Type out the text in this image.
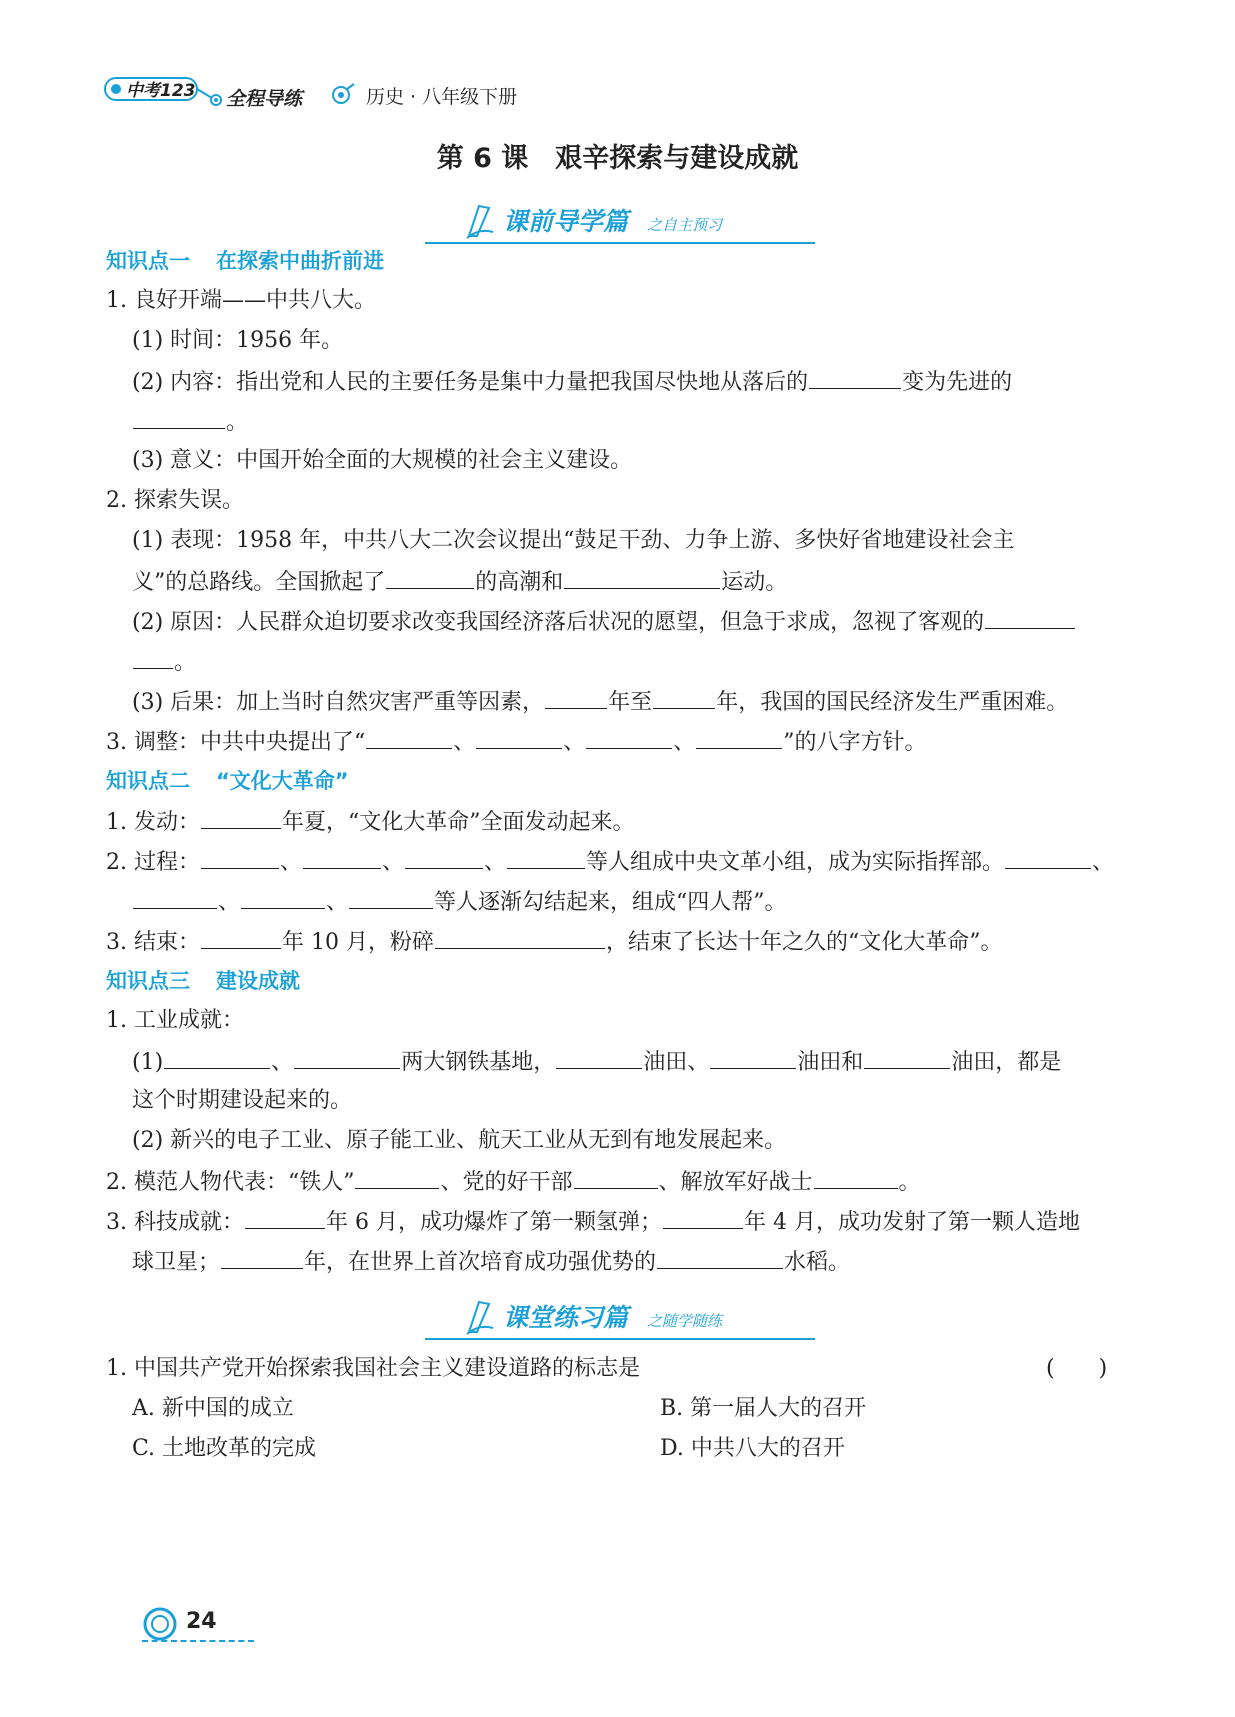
中考123 全程导练	历史 · 八年级下册
第 6 课　艰辛探索与建设成就
课前导学篇 之自主预习
知识点一 在探索中曲折前进
1. 良好开端——中共八大。
(1) 时间：1956 年。
(2) 内容：指出党和人民的主要任务是集中力量把我国尽快地从落后的	变为先进的
。
(3) 意义：中国开始全面的大规模的社会主义建设。
2. 探索失误。
(1) 表现：1958 年，中共八大二次会议提出“鼓足干劲、力争上游、多快好省地建设社会主
义”的总路线。全国掀起了	的高潮和	运动。
(2) 原因：人民群众迫切要求改变我国经济落后状况的愿望，但急于求成，忽视了客观的
。
(3) 后果：加上当时自然灾害严重等因素，	年至	年，我国的国民经济发生严重困难。
3. 调整：中共中央提出了“	、	、	、	”的八字方针。
知识点二 “文化大革命”
1. 发动：	年夏，“文化大革命”全面发动起来。
2. 过程：	、	、	、	等人组成中央文革小组，成为实际指挥部。	、
、	、	等人逐渐勾结起来，组成“四人帮”。
3. 结束：	年 10 月，粉碎	，结束了长达十年之久的“文化大革命”。
知识点三 建设成就
1. 工业成就：
(1)	、	两大钢铁基地，	油田、	油田和	油田，都是
这个时期建设起来的。
(2) 新兴的电子工业、原子能工业、航天工业从无到有地发展起来。
2. 模范人物代表：“铁人”	、党的好干部	、解放军好战士	。
3. 科技成就：	年 6 月，成功爆炸了第一颗氢弹；	年 4 月，成功发射了第一颗人造地
球卫星；	年，在世界上首次培育成功强优势的	水稻。
课堂练习篇 之随学随练
1. 中国共产党开始探索我国社会主义建设道路的标志是	(　　)
A. 新中国的成立	B. 第一届人大的召开
C. 土地改革的完成	D. 中共八大的召开
24
